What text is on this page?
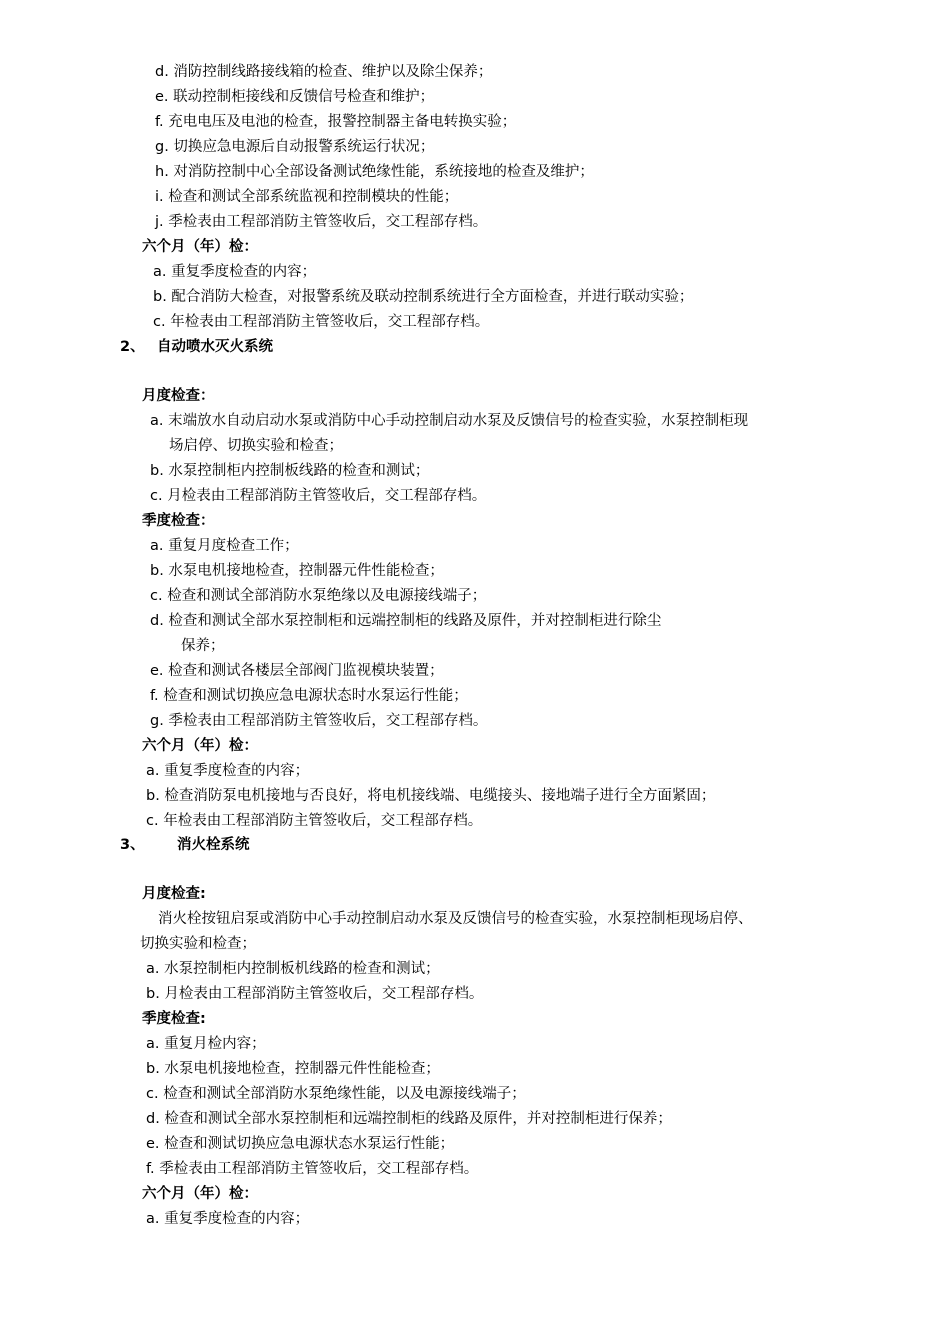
d. 消防控制线路接线箱的检查、维护以及除尘保养；
e. 联动控制柜接线和反馈信号检查和维护；
f. 充电电压及电池的检查，报警控制器主备电转换实验；
g. 切换应急电源后自动报警系统运行状况；
h. 对消防控制中心全部设备测试绝缘性能，系统接地的检查及维护；
i. 检查和测试全部系统监视和控制模块的性能；
j. 季检表由工程部消防主管签收后，交工程部存档。
六个月（年）检：
a. 重复季度检查的内容；
b. 配合消防大检查，对报警系统及联动控制系统进行全方面检查，并进行联动实验；
c. 年检表由工程部消防主管签收后，交工程部存档。
2、 自动喷水灭火系统
月度检查：
a. 末端放水自动启动水泵或消防中心手动控制启动水泵及反馈信号的检查实验，水泵控制柜现
场启停、切换实验和检查；
b. 水泵控制柜内控制板线路的检查和测试；
c. 月检表由工程部消防主管签收后，交工程部存档。
季度检查：
a. 重复月度检查工作；
b. 水泵电机接地检查，控制器元件性能检查；
c. 检查和测试全部消防水泵绝缘以及电源接线端子；
d. 检查和测试全部水泵控制柜和远端控制柜的线路及原件，并对控制柜进行除尘
保养；
e. 检查和测试各楼层全部阀门监视模块装置；
f. 检查和测试切换应急电源状态时水泵运行性能；
g. 季检表由工程部消防主管签收后，交工程部存档。
六个月（年）检：
a. 重复季度检查的内容；
b. 检查消防泵电机接地与否良好，将电机接线端、电缆接头、接地端子进行全方面紧固；
c. 年检表由工程部消防主管签收后，交工程部存档。
3、 消火栓系统
月度检查:
消火栓按钮启泵或消防中心手动控制启动水泵及反馈信号的检查实验，水泵控制柜现场启停、
切换实验和检查；
a. 水泵控制柜内控制板机线路的检查和测试；
b. 月检表由工程部消防主管签收后，交工程部存档。
季度检查:
a. 重复月检内容；
b. 水泵电机接地检查，控制器元件性能检查；
c. 检查和测试全部消防水泵绝缘性能，以及电源接线端子；
d. 检查和测试全部水泵控制柜和远端控制柜的线路及原件，并对控制柜进行保养；
e. 检查和测试切换应急电源状态水泵运行性能；
f. 季检表由工程部消防主管签收后，交工程部存档。
六个月（年）检：
a. 重复季度检查的内容；
